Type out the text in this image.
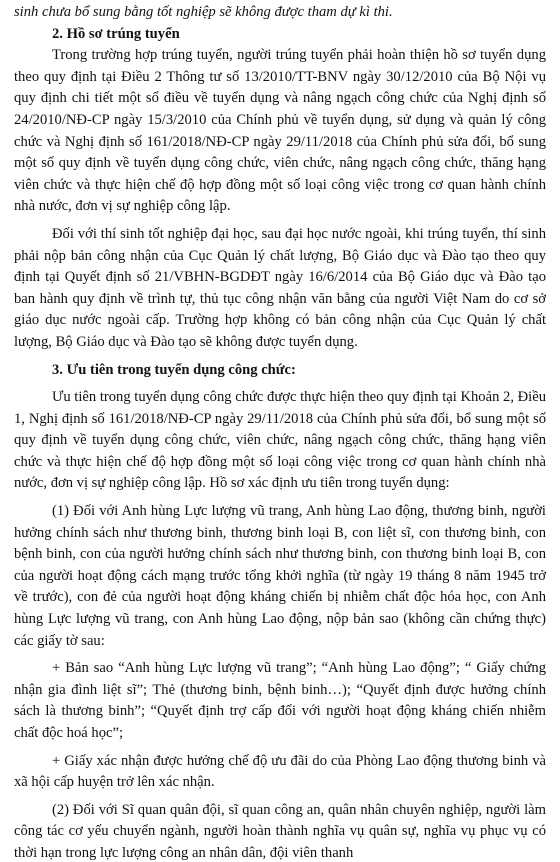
sinh chưa bổ sung bằng tốt nghiệp sẽ không được tham dự kì thi.

2. Hồ sơ trúng tuyển

Trong trường hợp trúng tuyển, người trúng tuyển phải hoàn thiện hồ sơ tuyển dụng theo quy định tại Điều 2 Thông tư số 13/2010/TT-BNV ngày 30/12/2010 của Bộ Nội vụ quy định chi tiết một số điều về tuyển dụng và nâng ngạch công chức của Nghị định số 24/2010/NĐ-CP ngày 15/3/2010 của Chính phủ về tuyển dụng, sử dụng và quản lý công chức và Nghị định số 161/2018/NĐ-CP ngày 29/11/2018 của Chính phủ sửa đổi, bổ sung một số quy định về tuyển dụng công chức, viên chức, nâng ngạch công chức, thăng hạng viên chức và thực hiện chế độ hợp đồng một số loại công việc trong cơ quan hành chính nhà nước, đơn vị sự nghiệp công lập.

Đối với thí sinh tốt nghiệp đại học, sau đại học nước ngoài, khi trúng tuyển, thí sinh phải nộp bản công nhận của Cục Quản lý chất lượng, Bộ Giáo dục và Đào tạo theo quy định tại Quyết định số 21/VBHN-BGDĐT ngày 16/6/2014 của Bộ Giáo dục và Đào tạo ban hành quy định về trình tự, thủ tục công nhận văn bằng của người Việt Nam do cơ sở giáo dục nước ngoài cấp. Trường hợp không có bản công nhận của Cục Quản lý chất lượng, Bộ Giáo dục và Đào tạo sẽ không được tuyển dụng.

3. Ưu tiên trong tuyển dụng công chức:

Ưu tiên trong tuyển dụng công chức được thực hiện theo quy định tại Khoản 2, Điều 1, Nghị định số 161/2018/NĐ-CP ngày 29/11/2018 của Chính phủ sửa đổi, bổ sung một số quy định về tuyển dụng công chức, viên chức, nâng ngạch công chức, thăng hạng viên chức và thực hiện chế độ hợp đồng một số loại công việc trong cơ quan hành chính nhà nước, đơn vị sự nghiệp công lập. Hồ sơ xác định ưu tiên trong tuyển dụng:

(1) Đối với Anh hùng Lực lượng vũ trang, Anh hùng Lao động, thương binh, người hưởng chính sách như thương binh, thương binh loại B, con liệt sĩ, con thương binh, con bệnh binh, con của người hưởng chính sách như thương binh, con thương binh loại B, con của người hoạt động cách mạng trước tổng khởi nghĩa (từ ngày 19 tháng 8 năm 1945 trở về trước), con đẻ của người hoạt động kháng chiến bị nhiễm chất độc hóa học, con Anh hùng Lực lượng vũ trang, con Anh hùng Lao động, nộp bản sao (không cần chứng thực) các giấy tờ sau:

+ Bản sao “Anh hùng Lực lượng vũ trang”; “Anh hùng Lao động”; “ Giấy chứng nhận gia đình liệt sĩ”; Thẻ (thương binh, bệnh binh…); “Quyết định được hưởng chính sách là thương binh”; “Quyết định trợ cấp đối với người hoạt động kháng chiến nhiễm chất độc hoá học”;

+ Giấy xác nhận được hưởng chế độ ưu đãi do của Phòng Lao động thương binh và xã hội cấp huyện trở lên xác nhận.

(2) Đối với Sĩ quan quân đội, sĩ quan công an, quân nhân chuyên nghiệp, người làm công tác cơ yếu chuyển ngành, người hoàn thành nghĩa vụ quân sự, nghĩa vụ phục vụ có thời hạn trong lực lượng công an nhân dân, đội viên thanh
